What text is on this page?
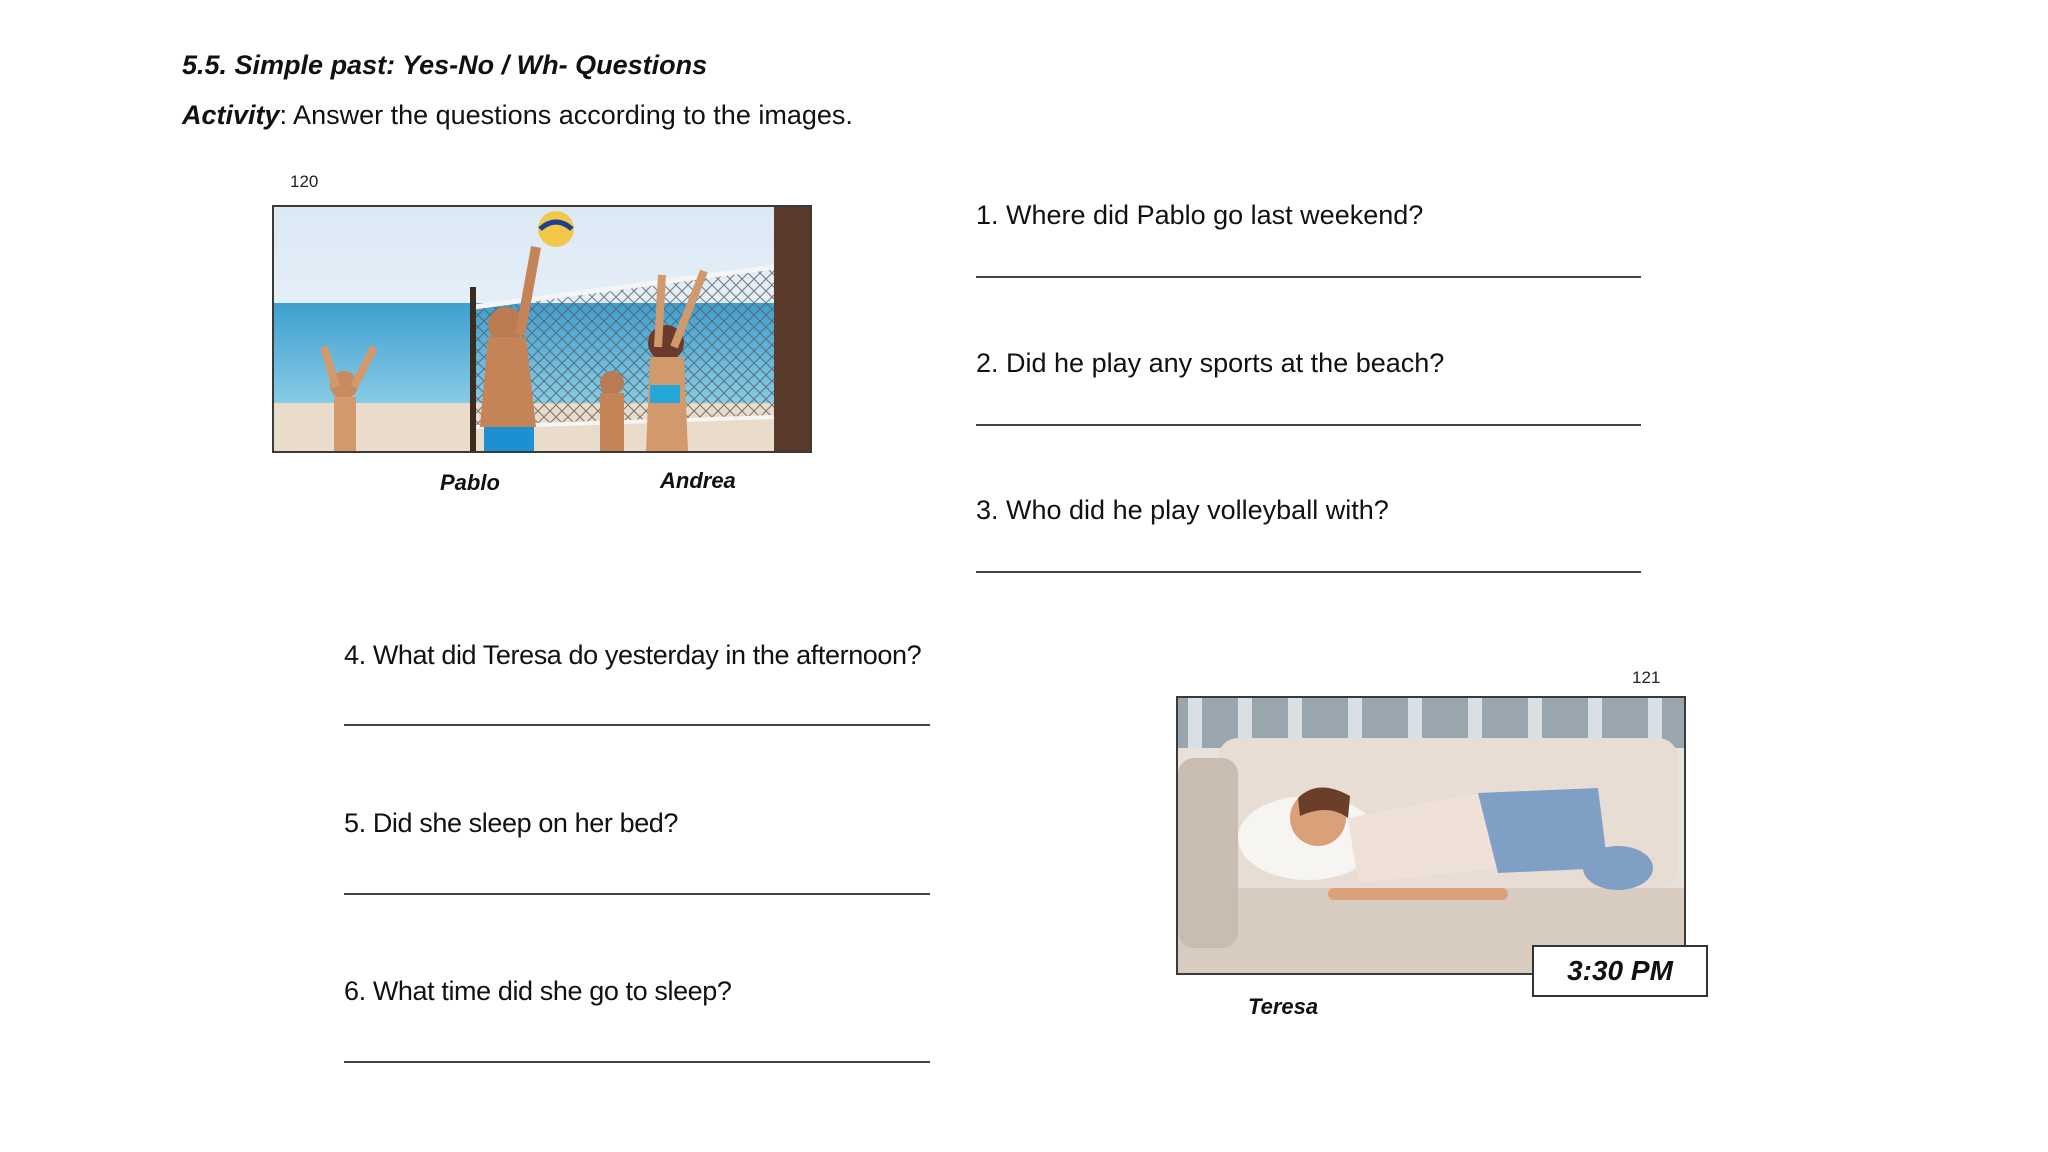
5.5. Simple past: Yes-No / Wh- Questions
Activity: Answer the questions according to the images.
120
Pablo	Andrea
1. Where did Pablo go last weekend?
2. Did he play any sports at the beach?
3. Who did he play volleyball with?
4. What did Teresa do yesterday in the afternoon?
5. Did she sleep on her bed?
6. What time did she go to sleep?
121
Teresa
3:30 PM
